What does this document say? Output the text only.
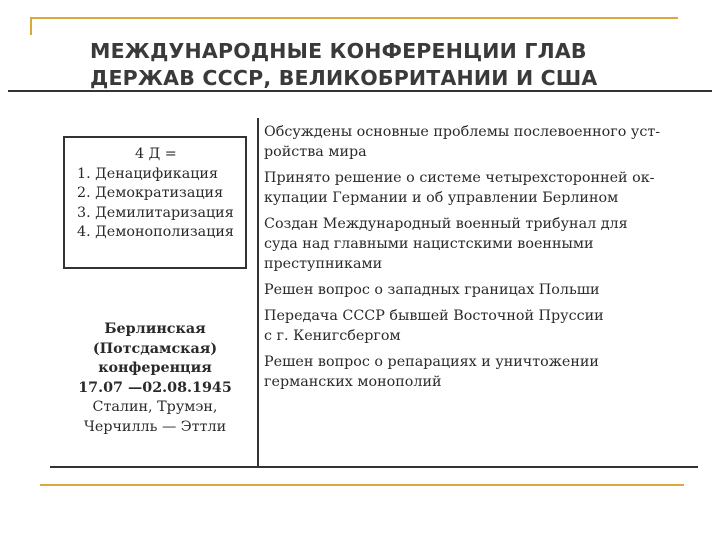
МЕЖДУНАРОДНЫЕ КОНФЕРЕНЦИИ ГЛАВ
ДЕРЖАВ СССР, ВЕЛИКОБРИТАНИИ И США
4 Д =
1. Денацификация
2. Демократизация
3. Демилитаризация
4. Демонополизация
Берлинская
(Потсдамская)
конференция
17.07 —02.08.1945
Сталин, Трумэн,
Черчилль — Эттли
Обсуждены основные проблемы послевоенного уст-
ройства мира
Принято решение о системе четырехсторонней ок-
купации Германии и об управлении Берлином
Создан Международный военный трибунал для
суда над главными нацистскими военными
преступниками
Решен вопрос о западных границах Польши
Передача СССР бывшей Восточной Пруссии
с г. Кенигсбергом
Решен вопрос о репарациях и уничтожении
германских монополий
